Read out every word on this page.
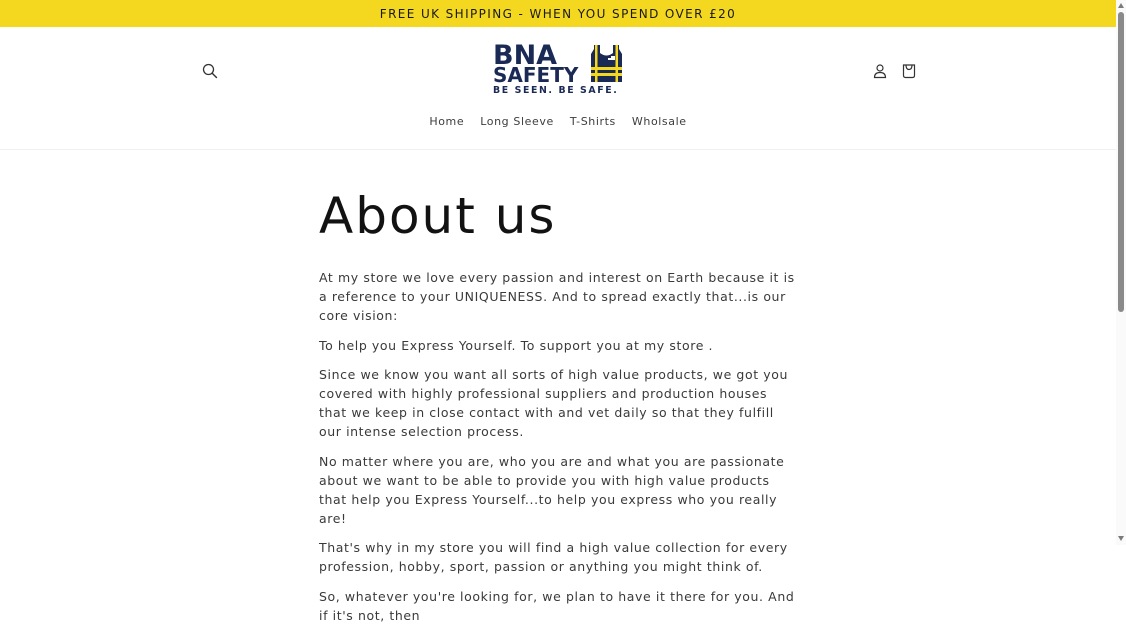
FREE UK SHIPPING - WHEN YOU SPEND OVER £20
BNA
SAFETY
BE SEEN. BE SAFE.
Home	Long Sleeve	T-Shirts	Wholsale
About us

At my store we love every passion and interest on Earth because it is a reference to your UNIQUENESS. And to spread exactly that...is our core vision:

To help you Express Yourself. To support you at my store .

Since we know you want all sorts of high value products, we got you covered with highly professional suppliers and production houses that we keep in close contact with and vet daily so that they fulfill our intense selection process.

No matter where you are, who you are and what you are passionate about we want to be able to provide you with high value products that help you Express Yourself...to help you express who you really are!

That's why in my store you will find a high value collection for every profession, hobby, sport, passion or anything you might think of.

So, whatever you're looking for, we plan to have it there for you. And if it's not, then
